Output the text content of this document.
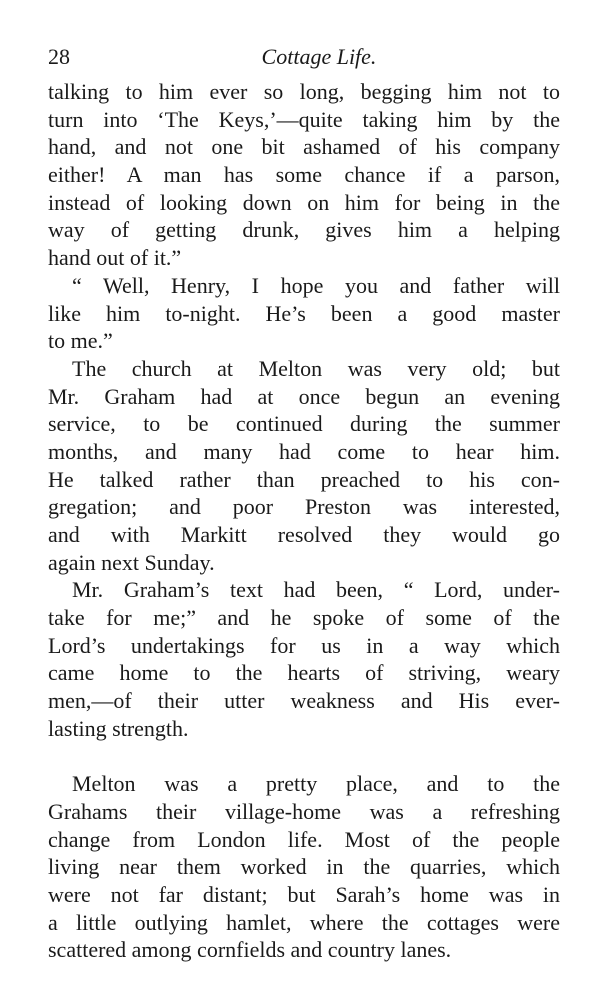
28	Cottage Life.
talking to him ever so long, begging him not to
turn into ‘The Keys,’—quite taking him by the
hand, and not one bit ashamed of his company
either! A man has some chance if a parson,
instead of looking down on him for being in the
way of getting drunk, gives him a helping
hand out of it.”
“ Well, Henry, I hope you and father will
like him to-night. He’s been a good master
to me.”
The church at Melton was very old; but
Mr. Graham had at once begun an evening
service, to be continued during the summer
months, and many had come to hear him.
He talked rather than preached to his con-
gregation; and poor Preston was interested,
and with Markitt resolved they would go
again next Sunday.
Mr. Graham’s text had been, “ Lord, under-
take for me;” and he spoke of some of the
Lord’s undertakings for us in a way which
came home to the hearts of striving, weary
men,—of their utter weakness and His ever-
lasting strength.
Melton was a pretty place, and to the
Grahams their village-home was a refreshing
change from London life. Most of the people
living near them worked in the quarries, which
were not far distant; but Sarah’s home was in
a little outlying hamlet, where the cottages were
scattered among cornfields and country lanes.
